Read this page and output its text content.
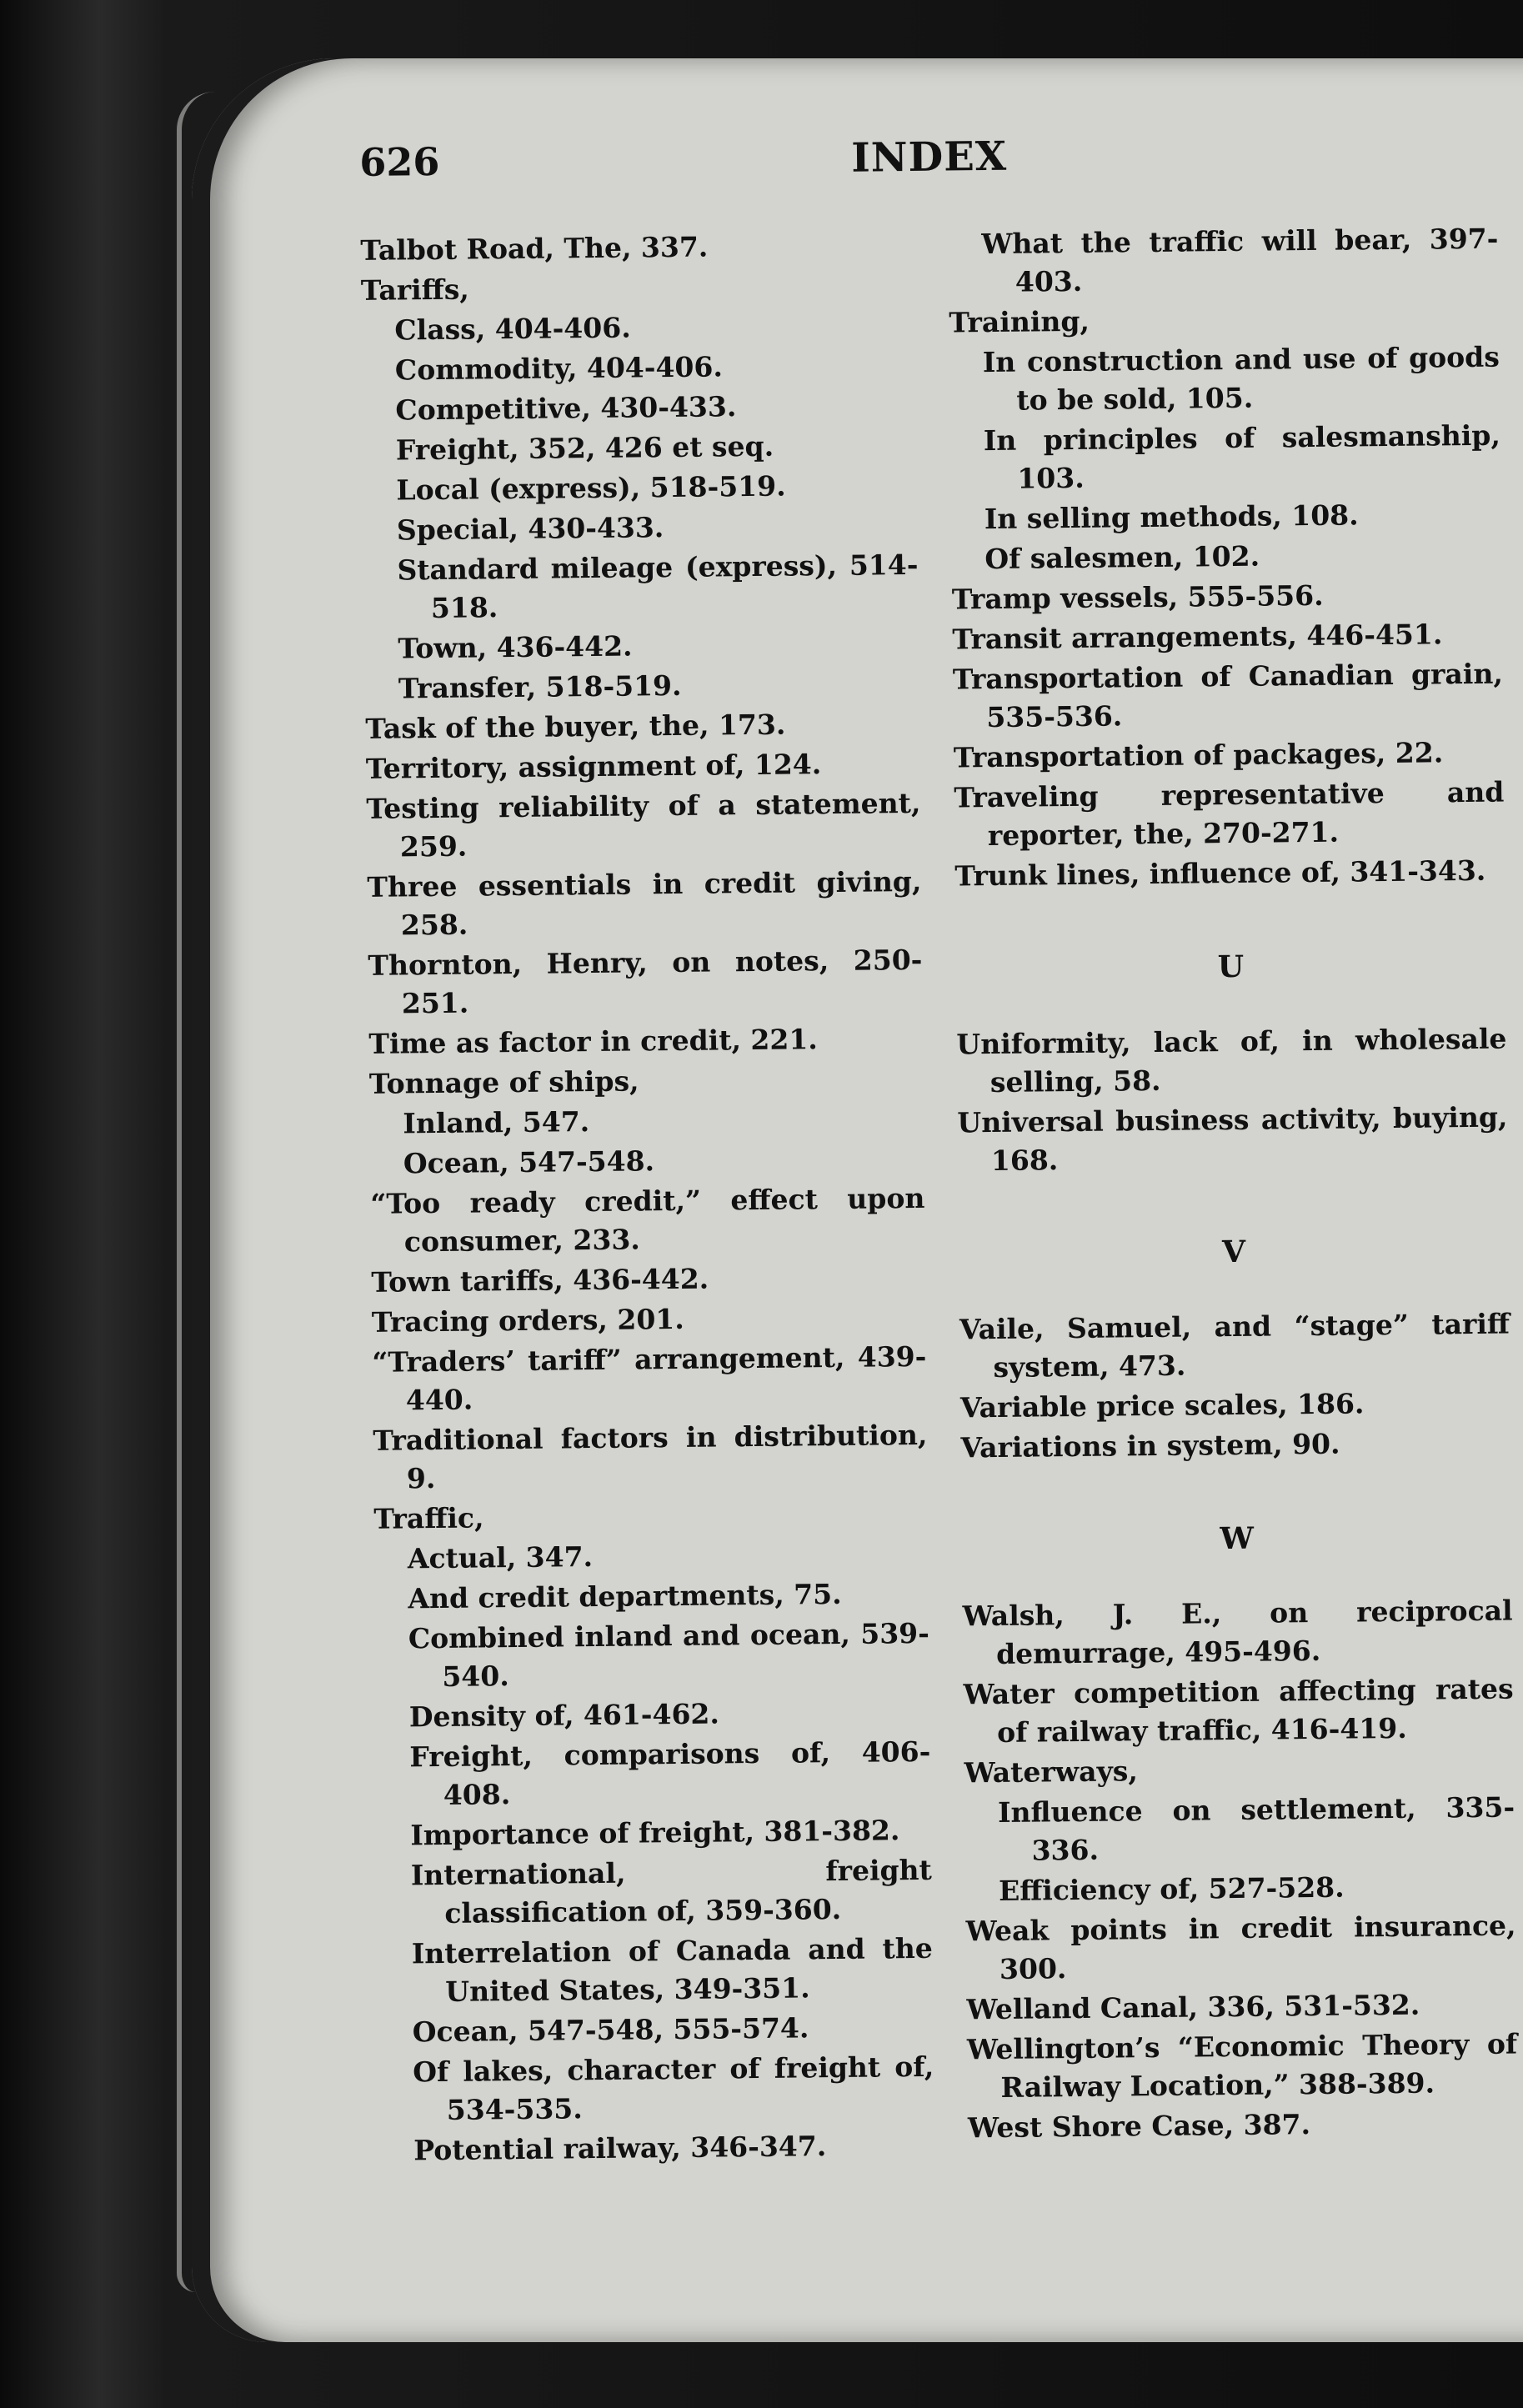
626	INDEX
Talbot Road, The, 337.
Tariffs,
Class, 404-406.
Commodity, 404-406.
Competitive, 430-433.
Freight, 352, 426 et seq.
Local (express), 518-519.
Special, 430-433.
Standard mileage (express), 514-518.
Town, 436-442.
Transfer, 518-519.
Task of the buyer, the, 173.
Territory, assignment of, 124.
Testing reliability of a statement, 259.
Three essentials in credit giving, 258.
Thornton, Henry, on notes, 250-251.
Time as factor in credit, 221.
Tonnage of ships,
Inland, 547.
Ocean, 547-548.
“Too ready credit,” effect upon consumer, 233.
Town tariffs, 436-442.
Tracing orders, 201.
“Traders’ tariff” arrangement, 439-440.
Traditional factors in distribution, 9.
Traffic,
Actual, 347.
And credit departments, 75.
Combined inland and ocean, 539-540.
Density of, 461-462.
Freight, comparisons of, 406-408.
Importance of freight, 381-382.
International, freight classification of, 359-360.
Interrelation of Canada and the United States, 349-351.
Ocean, 547-548, 555-574.
Of lakes, character of freight of, 534-535.
Potential railway, 346-347.
What the traffic will bear, 397-403.
Training,
In construction and use of goods to be sold, 105.
In principles of salesmanship, 103.
In selling methods, 108.
Of salesmen, 102.
Tramp vessels, 555-556.
Transit arrangements, 446-451.
Transportation of Canadian grain, 535-536.
Transportation of packages, 22.
Traveling representative and reporter, the, 270-271.
Trunk lines, influence of, 341-343.
U
Uniformity, lack of, in wholesale selling, 58.
Universal business activity, buying, 168.
V
Vaile, Samuel, and “stage” tariff system, 473.
Variable price scales, 186.
Variations in system, 90.
W
Walsh, J. E., on reciprocal demurrage, 495-496.
Water competition affecting rates of railway traffic, 416-419.
Waterways,
Influence on settlement, 335-336.
Efficiency of, 527-528.
Weak points in credit insurance, 300.
Welland Canal, 336, 531-532.
Wellington’s “Economic Theory of Railway Location,” 388-389.
West Shore Case, 387.
